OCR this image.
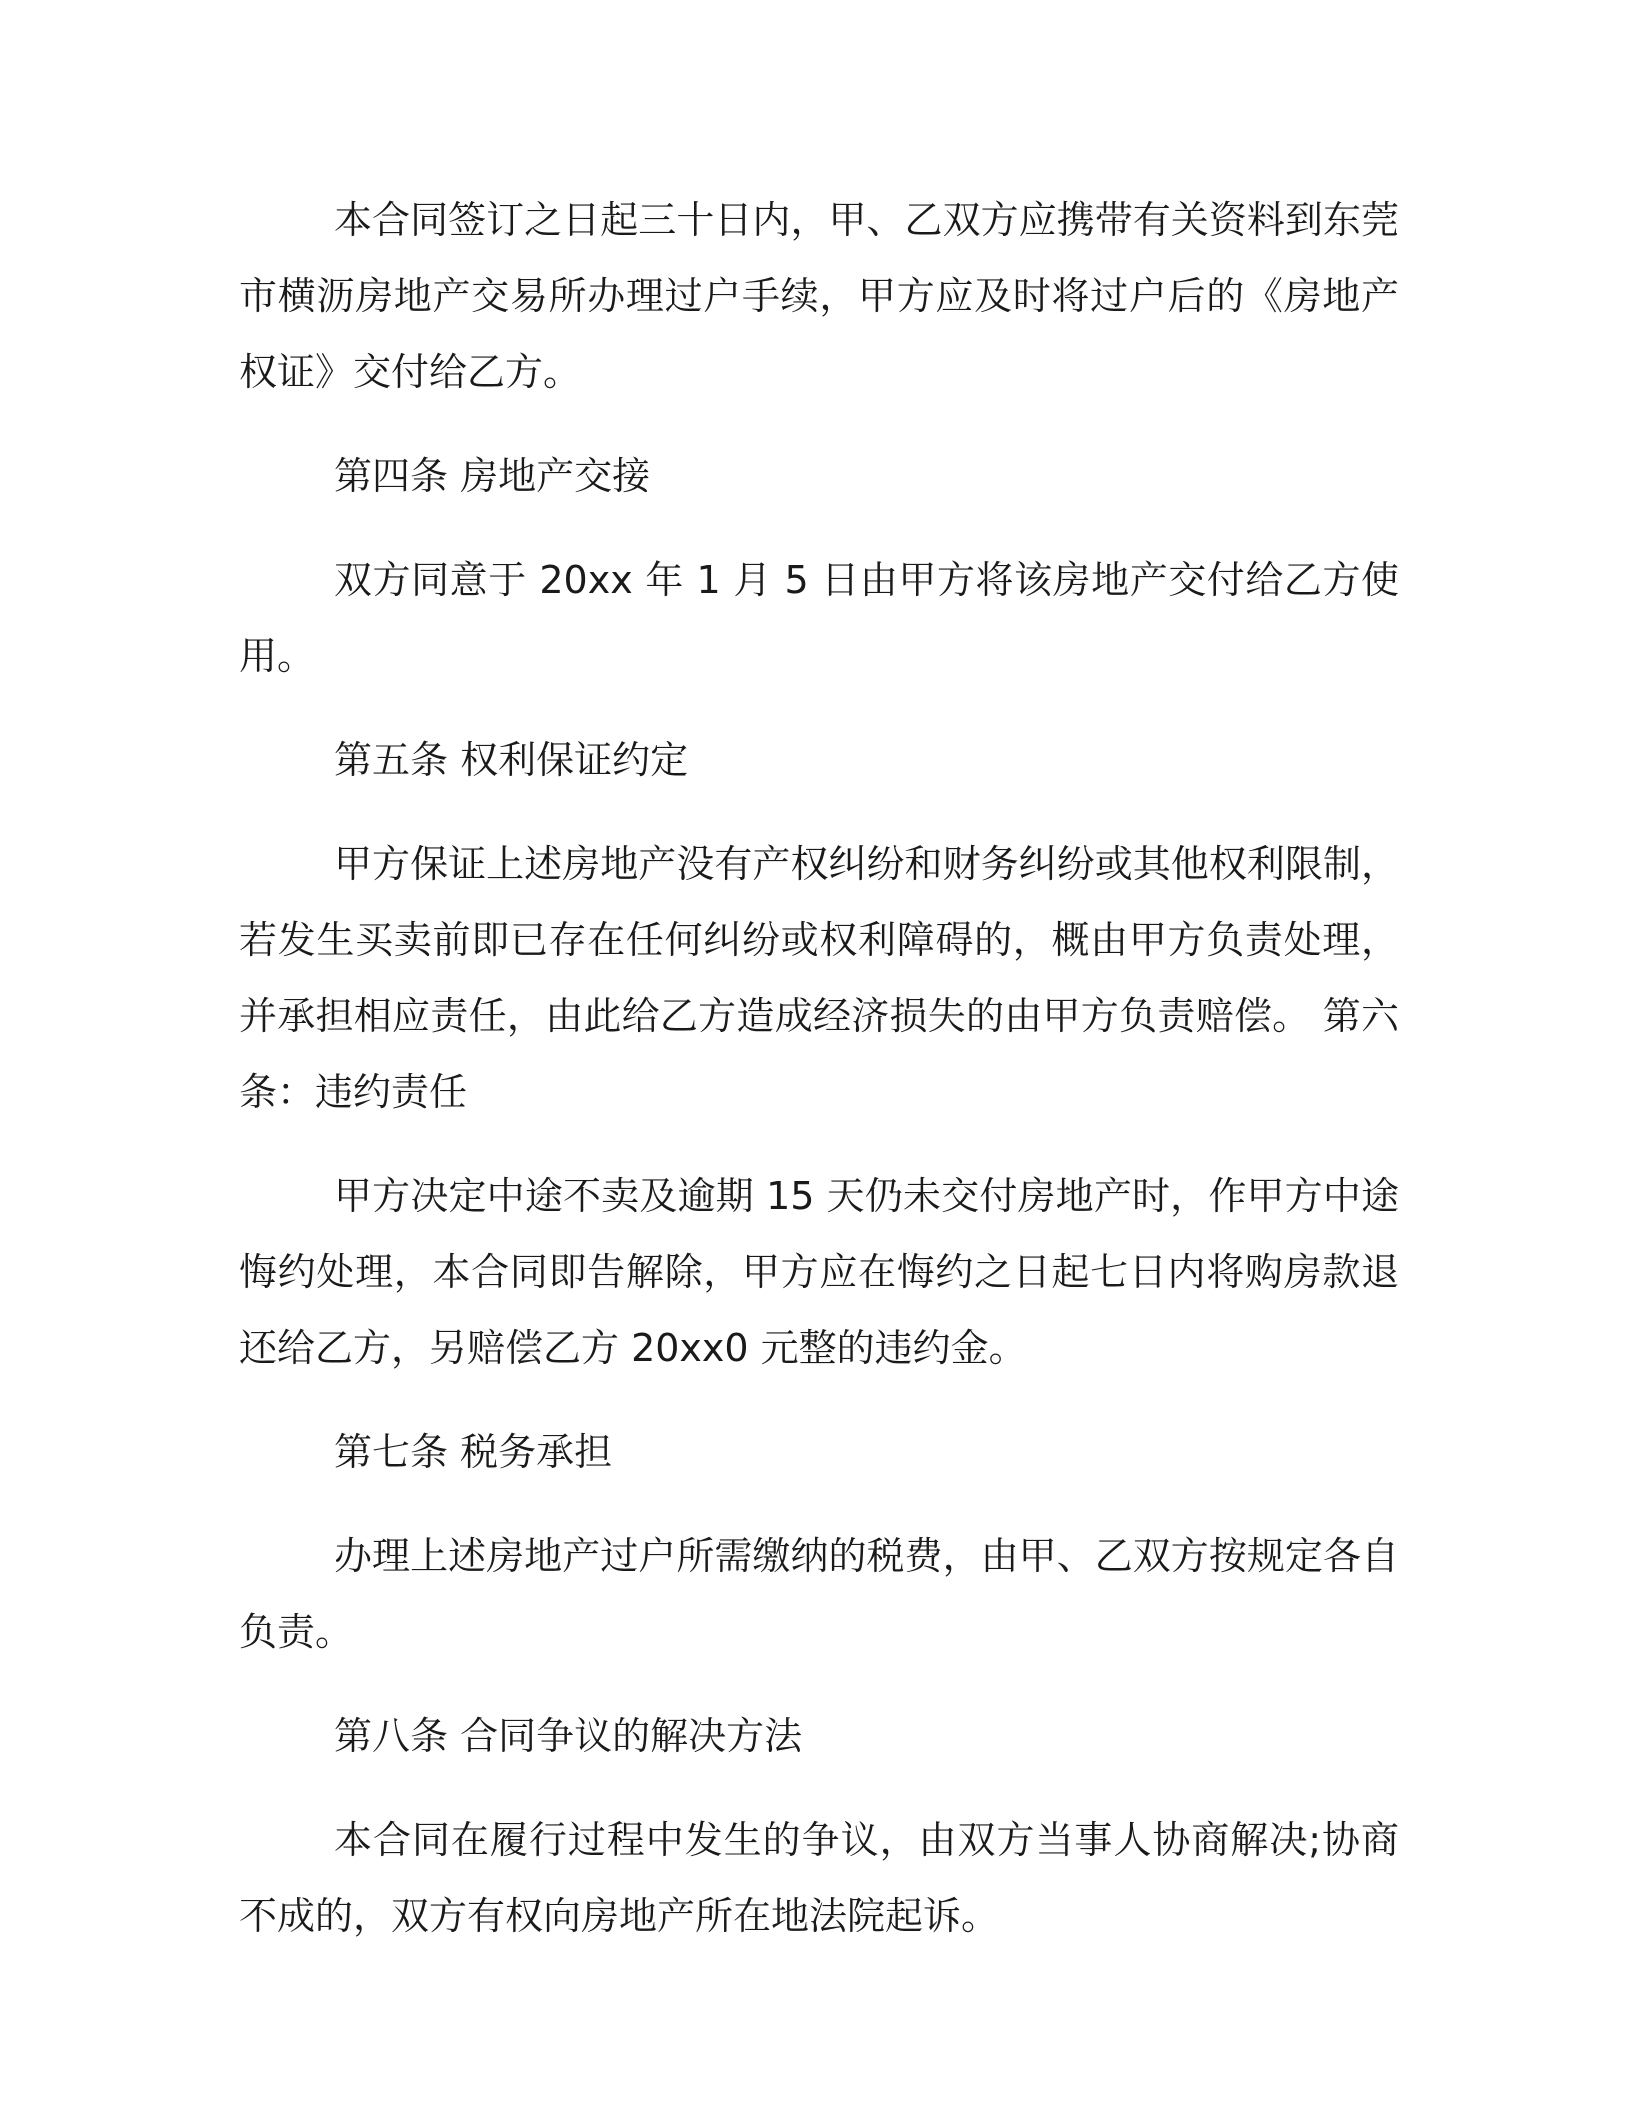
本合同签订之日起三十日内，甲、乙双方应携带有关资料到东莞市横沥房地产交易所办理过户手续，甲方应及时将过户后的《房地产权证》交付给乙方。

第四条 房地产交接

双方同意于 20xx 年 1 月 5 日由甲方将该房地产交付给乙方使用。

第五条 权利保证约定

甲方保证上述房地产没有产权纠纷和财务纠纷或其他权利限制，若发生买卖前即已存在任何纠纷或权利障碍的，概由甲方负责处理，并承担相应责任，由此给乙方造成经济损失的由甲方负责赔偿。 第六条：违约责任

甲方决定中途不卖及逾期 15 天仍未交付房地产时，作甲方中途悔约处理，本合同即告解除，甲方应在悔约之日起七日内将购房款退还给乙方，另赔偿乙方 20xx0 元整的违约金。

第七条 税务承担

办理上述房地产过户所需缴纳的税费，由甲、乙双方按规定各自负责。

第八条 合同争议的解决方法

本合同在履行过程中发生的争议，由双方当事人协商解决;协商不成的，双方有权向房地产所在地法院起诉。
